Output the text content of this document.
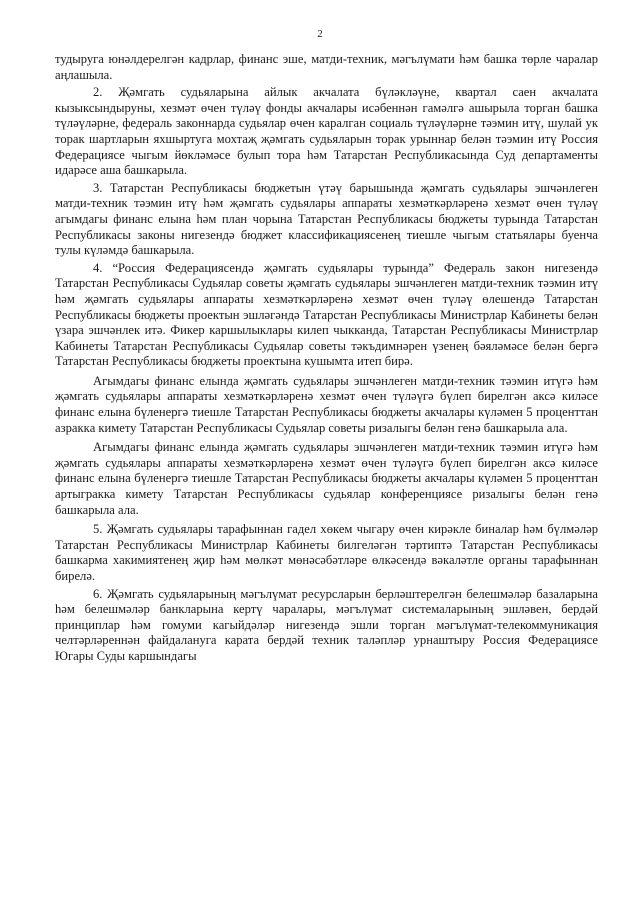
2

тудыруга юнәлдерелгән кадрлар, финанс эше, матди-техник, мәгълүмати һәм башка төрле чаралар аңлашыла.

2. Җәмгать судьяларына айлык акчалата бүләкләүне, квартал саен акчалата кызыксындыруны, хезмәт өчен түләү фонды акчалары исәбеннән гамәлгә ашырыла торган башка түләүләрне, федераль законнарда судьялар өчен каралган социаль түләүләрне тәэмин итү, шулай ук торак шартларын яхшыртуга мохтаҗ җәмгать судьяларын торак урыннар белән тәэмин итү Россия Федерациясе чыгым йөкләмәсе булып тора һәм Татарстан Республикасында Суд департаменты идарәсе аша башкарыла.

3. Татарстан Республикасы бюджетын үтәү барышында җәмгать судьялары эшчәнлеген матди-техник тәэмин итү һәм җәмгать судьялары аппараты хезмәткәрләренә хезмәт өчен түләү агымдагы финанс елына һәм план чорына Татарстан Республикасы бюджеты турында Татарстан Республикасы законы нигезендә бюджет классификациясенең тиешле чыгым статьялары буенча тулы күләмдә башкарыла.

4. “Россия Федерациясендә җәмгать судьялары турында” Федераль закон нигезендә Татарстан Республикасы Судьялар советы җәмгать судьялары эшчәнлеген матди-техник тәэмин итү һәм җәмгать судьялары аппараты хезмәткәрләренә хезмәт өчен түләү өлешендә Татарстан Республикасы бюджеты проектын эшләгәндә Татарстан Республикасы Министрлар Кабинеты белән үзара эшчәнлек итә. Фикер каршылыклары килеп чыкканда, Татарстан Республикасы Министрлар Кабинеты Татарстан Республикасы Судьялар советы тәкъдимнәрен үзенең бәяләмәсе белән бергә Татарстан Республикасы бюджеты проектына кушымта итеп бирә.

Агымдагы финанс елында җәмгать судьялары эшчәнлеген матди-техник тәэмин итүгә һәм җәмгать судьялары аппараты хезмәткәрләренә хезмәт өчен түләүгә бүлеп бирелгән аксә киләсе финанс елына бүленергә тиешле Татарстан Республикасы бюджеты акчалары күләмен 5 проценттан азраккa кимету Татарстан Республикасы Судьялар советы ризалыгы белән генә башкарыла ала.

Агымдагы финанс елында җәмгать судьялары эшчәнлеген матди-техник тәэмин итүгә һәм җәмгать судьялары аппараты хезмәткәрләренә хезмәт өчен түләүгә бүлеп бирелгән аксә киләсе финанс елына бүленергә тиешле Татарстан Республикасы бюджеты акчалары күләмен 5 проценттан артыгракка кимету Татарстан Республикасы судьялар конференциясе ризалыгы белән генә башкарыла ала.

5. Җәмгать судьялары тарафыннан гадел хөкем чыгару өчен кирәкле биналар һәм бүлмәләр Татарстан Республикасы Министрлар Кабинеты билгеләгән тәртиптә Татарстан Республикасы башкарма хакимиятенең җир һәм мөлкәт мөнәсәбәтләре өлкәсендә вәкаләтле органы тарафыннан бирелә.

6. Җәмгать судьяларының мәгълүмат ресурсларын берләштерелгән белешмәләр базаларына һәм белешмәләр банкларына кертү чаралары, мәгълүмат системаларының эшләвен, бердәй принциплар һәм гомуми кагыйдәләр нигезендә эшли торган мәгълүмат-телекоммуникация челтәрләреннән файдалануга карата бердәй техник таләпләр урнаштыру Россия Федерациясе Югары Суды каршындагы
